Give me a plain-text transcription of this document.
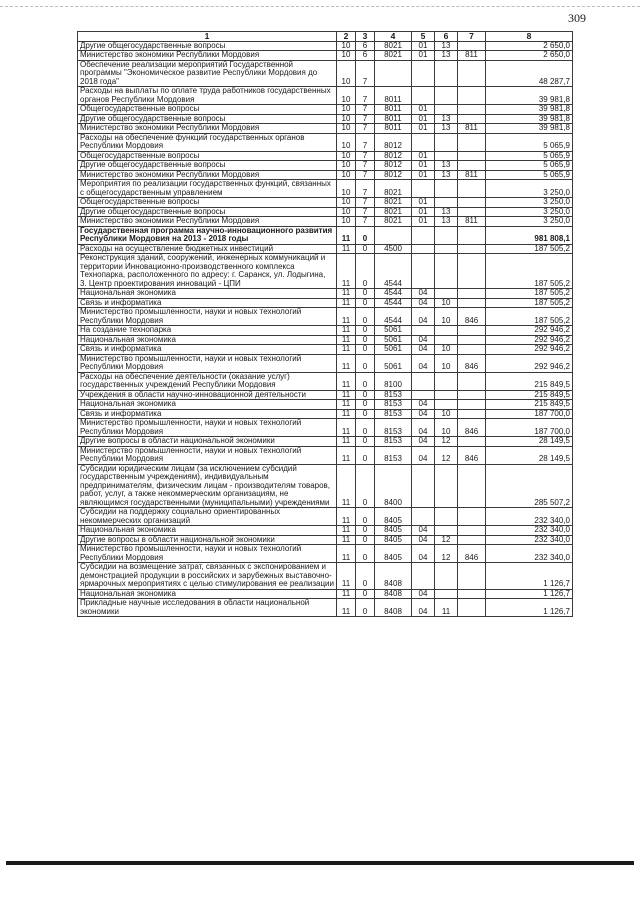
309
1	2	3	4	5	6	7	8
Другие общегосударственные вопросы	10	6	8021	01	13		2 650,0
Министерство экономики Республики Мордовия	10	6	8021	01	13	811	2 650,0
Обеспечение реализации мероприятий Государственной программы "Экономическое развитие Республики Мордовия до 2018 года"	10	7					48 287,7
Расходы на выплаты по оплате труда работников государственных органов Республики Мордовия	10	7	8011				39 981,8
Общегосударственные вопросы	10	7	8011	01			39 981,8
Другие общегосударственные вопросы	10	7	8011	01	13		39 981,8
Министерство экономики Республики Мордовия	10	7	8011	01	13	811	39 981,8
Расходы на обеспечение функций государственных органов Республики Мордовия	10	7	8012				5 065,9
Общегосударственные вопросы	10	7	8012	01			5 065,9
Другие общегосударственные вопросы	10	7	8012	01	13		5 065,9
Министерство экономики Республики Мордовия	10	7	8012	01	13	811	5 065,9
Мероприятия по реализации государственных функций, связанных с общегосударственным управлением	10	7	8021				3 250,0
Общегосударственные вопросы	10	7	8021	01			3 250,0
Другие общегосударственные вопросы	10	7	8021	01	13		3 250,0
Министерство экономики Республики Мордовия	10	7	8021	01	13	811	3 250,0
Государственная программа научно-инновационного развития Республики Мордовия на 2013 - 2018 годы	11	0					981 808,1
Расходы на осуществление бюджетных инвестиций	11	0	4500				187 505,2
Реконструкция зданий, сооружений, инженерных коммуникаций и территории Инновационно-производственного комплекса Технопарка, расположенного по адресу: г. Саранск, ул. Лодыгина, 3. Центр проектирования инноваций - ЦПИ	11	0	4544				187 505,2
Национальная экономика	11	0	4544	04			187 505,2
Связь и информатика	11	0	4544	04	10		187 505,2
Министерство промышленности, науки и новых технологий Республики Мордовия	11	0	4544	04	10	846	187 505,2
На создание технопарка	11	0	5061				292 946,2
Национальная экономика	11	0	5061	04			292 946,2
Связь и информатика	11	0	5061	04	10		292 946,2
Министерство промышленности, науки и новых технологий Республики Мордовия	11	0	5061	04	10	846	292 946,2
Расходы на обеспечение деятельности (оказание услуг) государственных учреждений Республики Мордовия	11	0	8100				215 849,5
Учреждения в области научно-инновационной деятельности	11	0	8153				215 849,5
Национальная экономика	11	0	8153	04			215 849,5
Связь и информатика	11	0	8153	04	10		187 700,0
Министерство промышленности, науки и новых технологий Республики Мордовия	11	0	8153	04	10	846	187 700,0
Другие вопросы в области национальной экономики	11	0	8153	04	12		28 149,5
Министерство промышленности, науки и новых технологий Республики Мордовия	11	0	8153	04	12	846	28 149,5
Субсидии юридическим лицам (за исключением субсидий государственным учреждениям), индивидуальным предпринимателям, физическим лицам - производителям товаров, работ, услуг, а также некоммерческим организациям, не являющимся государственными (муниципальными) учреждениями	11	0	8400				285 507,2
Субсидии на поддержку социально ориентированных некоммерческих организаций	11	0	8405				232 340,0
Национальная экономика	11	0	8405	04			232 340,0
Другие вопросы в области национальной экономики	11	0	8405	04	12		232 340,0
Министерство промышленности, науки и новых технологий Республики Мордовия	11	0	8405	04	12	846	232 340,0
Субсидии на возмещение затрат, связанных с экспонированием и демонстрацией продукции в российских и зарубежных выставочно-ярмарочных мероприятиях с целью стимулирования ее реализации	11	0	8408				1 126,7
Национальная экономика	11	0	8408	04			1 126,7
Прикладные научные исследования в области национальной экономики	11	0	8408	04	11		1 126,7
